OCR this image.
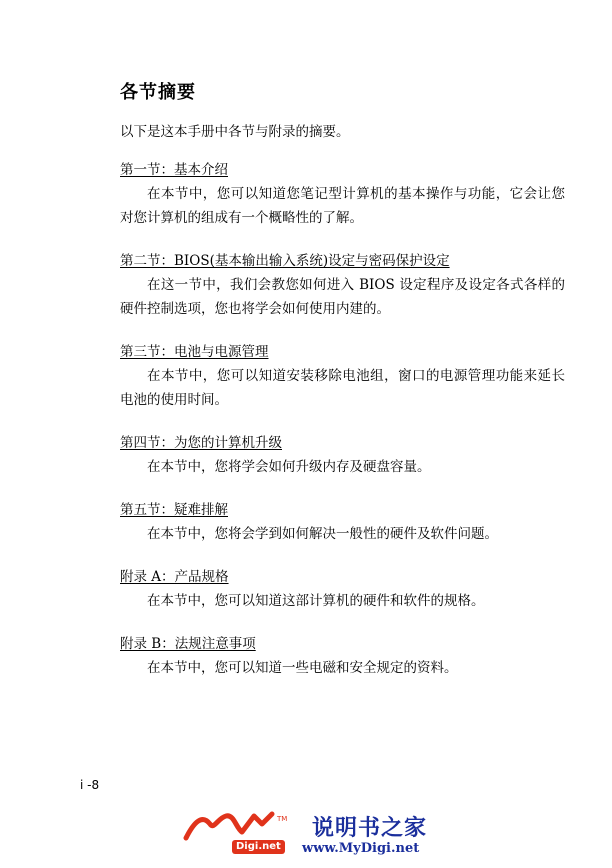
各节摘要

以下是这本手册中各节与附录的摘要。

第一节：基本介绍

在本节中，您可以知道您笔记型计算机的基本操作与功能，它会让您对您计算机的组成有一个概略性的了解。

第二节：BIOS(基本输出输入系统)设定与密码保护设定

在这一节中，我们会教您如何进入 BIOS 设定程序及设定各式各样的硬件控制选项，您也将学会如何使用内建的。

第三节：电池与电源管理

在本节中，您可以知道安装移除电池组，窗口的电源管理功能来延长电池的使用时间。

第四节：为您的计算机升级

在本节中，您将学会如何升级内存及硬盘容量。

第五节：疑难排解

在本节中，您将会学到如何解决一般性的硬件及软件问题。

附录 A：产品规格

在本节中，您可以知道这部计算机的硬件和软件的规格。

附录 B：法规注意事项

在本节中，您可以知道一些电磁和安全规定的资料。

i -8
TM
Digi.net
说明书之家
www.MyDigi.net
